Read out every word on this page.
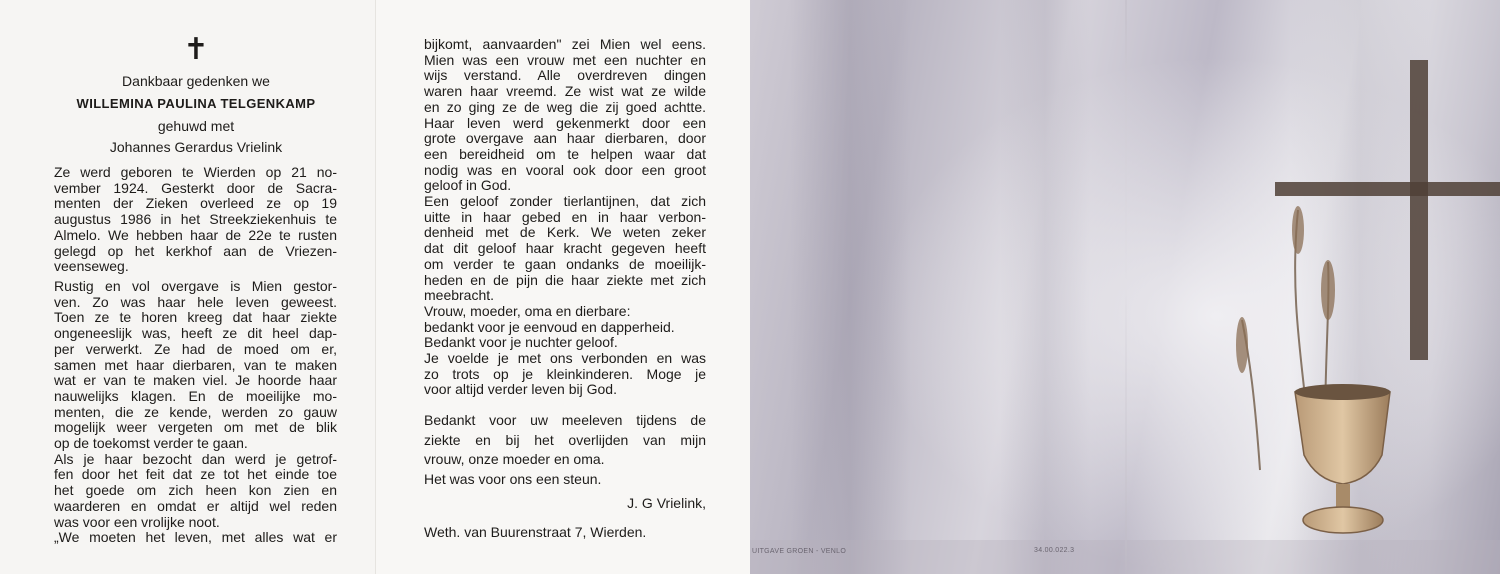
✝
Dankbaar gedenken we
WILLEMINA PAULINA TELGENKAMP
gehuwd met
Johannes Gerardus Vrielink
Ze werd geboren te Wierden op 21 no-
vember 1924. Gesterkt door de Sacra-
menten der Zieken overleed ze op 19
augustus 1986 in het Streekziekenhuis te
Almelo. We hebben haar de 22e te rusten
gelegd op het kerkhof aan de Vriezen-
veenseweg.
Rustig en vol overgave is Mien gestor-
ven. Zo was haar hele leven geweest.
Toen ze te horen kreeg dat haar ziekte
ongeneeslijk was, heeft ze dit heel dap-
per verwerkt. Ze had de moed om er,
samen met haar dierbaren, van te maken
wat er van te maken viel. Je hoorde haar
nauwelijks klagen. En de moeilijke mo-
menten, die ze kende, werden zo gauw
mogelijk weer vergeten om met de blik
op de toekomst verder te gaan.
Als je haar bezocht dan werd je getrof-
fen door het feit dat ze tot het einde toe
het goede om zich heen kon zien en
waarderen en omdat er altijd wel reden
was voor een vrolijke noot.
„We moeten het leven, met alles wat er
bijkomt, aanvaarden" zei Mien wel eens.
Mien was een vrouw met een nuchter en
wijs verstand. Alle overdreven dingen
waren haar vreemd. Ze wist wat ze wilde
en zo ging ze de weg die zij goed achtte.
Haar leven werd gekenmerkt door een
grote overgave aan haar dierbaren, door
een bereidheid om te helpen waar dat
nodig was en vooral ook door een groot
geloof in God.
Een geloof zonder tierlantijnen, dat zich
uitte in haar gebed en in haar verbon-
denheid met de Kerk. We weten zeker
dat dit geloof haar kracht gegeven heeft
om verder te gaan ondanks de moeilijk-
heden en de pijn die haar ziekte met zich
meebracht.
Vrouw, moeder, oma en dierbare:
bedankt voor je eenvoud en dapperheid.
Bedankt voor je nuchter geloof.
Je voelde je met ons verbonden en was
zo trots op je kleinkinderen. Moge je
voor altijd verder leven bij God.
Bedankt voor uw meeleven tijdens de
ziekte en bij het overlijden van mijn
vrouw, onze moeder en oma.
Het was voor ons een steun.
J. G Vrielink,
Weth. van Buurenstraat 7, Wierden.
UITGAVE GROEN - VENLO	34.00.022.3
